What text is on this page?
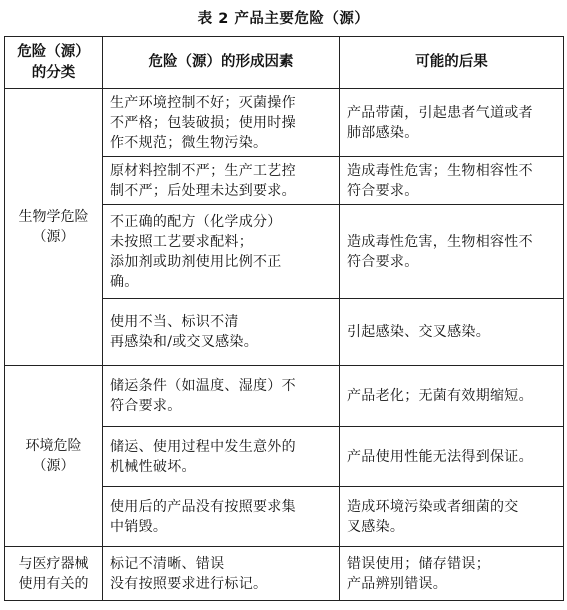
表 2 产品主要危险（源）
危险（源）
的分类	危险（源）的形成因素	可能的后果

生物学危险
（源）	生产环境控制不好；灭菌操作
不严格；包装破损；使用时操
作不规范；微生物污染。	产品带菌，引起患者气道或者
肺部感染。

	原材料控制不严；生产工艺控
制不严；后处理未达到要求。	造成毒性危害；生物相容性不
符合要求。

	不正确的配方（化学成分）
未按照工艺要求配料；
添加剂或助剂使用比例不正
确。	造成毒性危害，生物相容性不
符合要求。

	使用不当、标识不清
再感染和/或交叉感染。	引起感染、交叉感染。

环境危险
（源）	储运条件（如温度、湿度）不
符合要求。	产品老化；无菌有效期缩短。

	储运、使用过程中发生意外的
机械性破坏。	产品使用性能无法得到保证。

	使用后的产品没有按照要求集
中销毁。	造成环境污染或者细菌的交
叉感染。

与医疗器械
使用有关的	标记不清晰、错误
没有按照要求进行标记。	错误使用；储存错误；
产品辨别错误。
